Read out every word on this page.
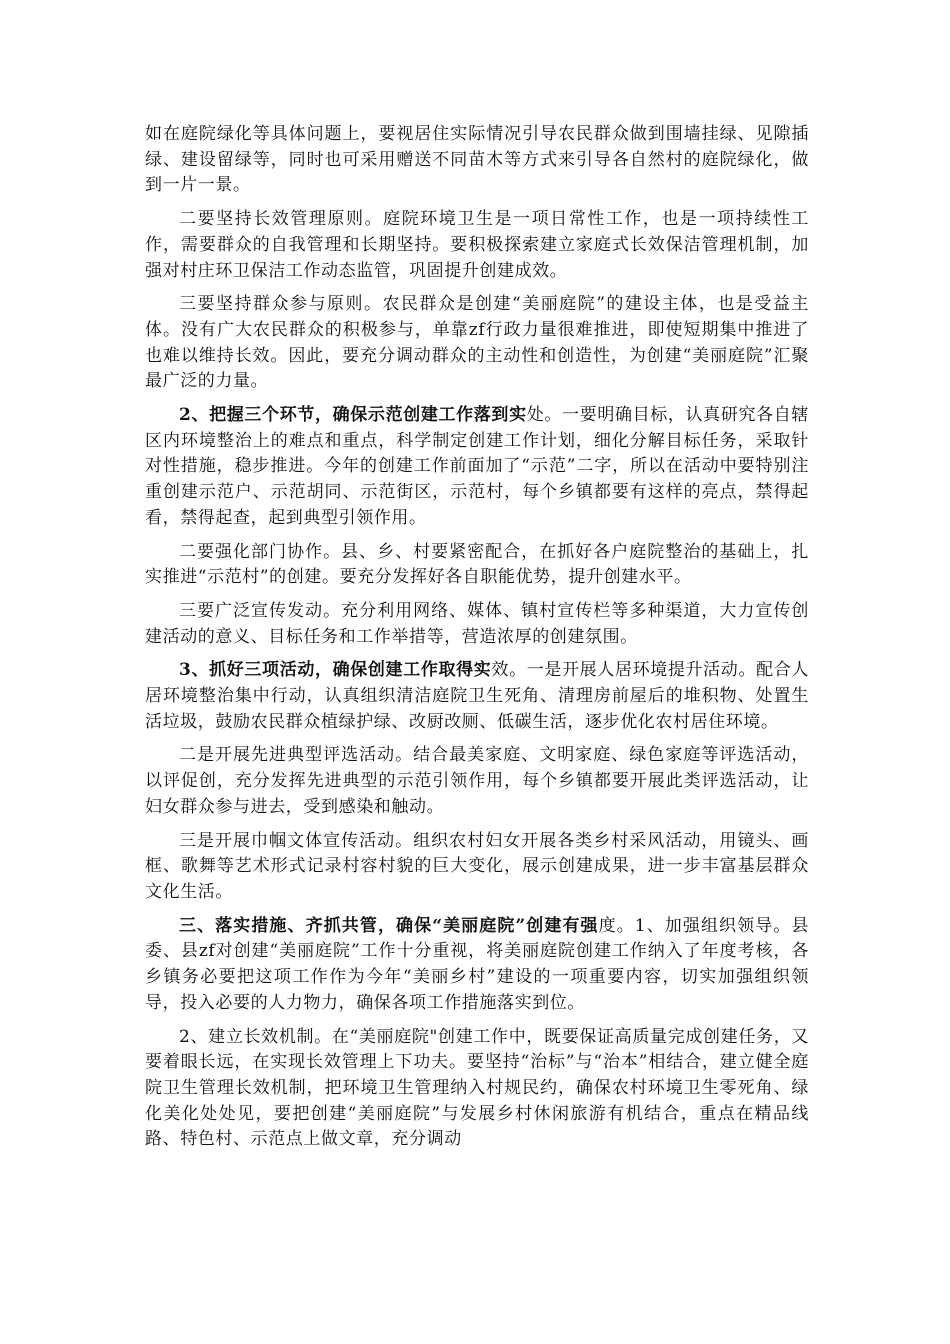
如在庭院绿化等具体问题上，要视居住实际情况引导农民群众做到围墙挂绿、见隙插绿、建设留绿等，同时也可采用赠送不同苗木等方式来引导各自然村的庭院绿化，做到一片一景。

二要坚持长效管理原则。庭院环境卫生是一项日常性工作，也是一项持续性工作，需要群众的自我管理和长期坚持。要积极探索建立家庭式长效保洁管理机制，加强对村庄环卫保洁工作动态监管，巩固提升创建成效。

三要坚持群众参与原则。农民群众是创建“美丽庭院”的建设主体，也是受益主体。没有广大农民群众的积极参与，单靠zf行政力量很难推进，即使短期集中推进了也难以维持长效。因此，要充分调动群众的主动性和创造性，为创建“美丽庭院”汇聚最广泛的力量。

2、把握三个环节，确保示范创建工作落到实处。一要明确目标，认真研究各自辖区内环境整治上的难点和重点，科学制定创建工作计划，细化分解目标任务，采取针对性措施，稳步推进。今年的创建工作前面加了“示范”二字，所以在活动中要特别注重创建示范户、示范胡同、示范街区，示范村，每个乡镇都要有这样的亮点，禁得起看，禁得起查，起到典型引领作用。

二要强化部门协作。县、乡、村要紧密配合，在抓好各户庭院整治的基础上，扎实推进“示范村”的创建。要充分发挥好各自职能优势，提升创建水平。

三要广泛宣传发动。充分利用网络、媒体、镇村宣传栏等多种渠道，大力宣传创建活动的意义、目标任务和工作举措等，营造浓厚的创建氛围。

3、抓好三项活动，确保创建工作取得实效。一是开展人居环境提升活动。配合人居环境整治集中行动，认真组织清洁庭院卫生死角、清理房前屋后的堆积物、处置生活垃圾，鼓励农民群众植绿护绿、改厨改厕、低碳生活，逐步优化农村居住环境。

二是开展先进典型评选活动。结合最美家庭、文明家庭、绿色家庭等评选活动，以评促创，充分发挥先进典型的示范引领作用，每个乡镇都要开展此类评选活动，让妇女群众参与进去，受到感染和触动。

三是开展巾帼文体宣传活动。组织农村妇女开展各类乡村采风活动，用镜头、画框、歌舞等艺术形式记录村容村貌的巨大变化，展示创建成果，进一步丰富基层群众文化生活。

三、落实措施、齐抓共管，确保“美丽庭院”创建有强度。1、加强组织领导。县委、县zf对创建“美丽庭院”工作十分重视，将美丽庭院创建工作纳入了年度考核，各乡镇务必要把这项工作作为今年“美丽乡村”建设的一项重要内容，切实加强组织领导，投入必要的人力物力，确保各项工作措施落实到位。

2、建立长效机制。在“美丽庭院"创建工作中，既要保证高质量完成创建任务，又要着眼长远，在实现长效管理上下功夫。要坚持“治标”与“治本”相结合，建立健全庭院卫生管理长效机制，把环境卫生管理纳入村规民约，确保农村环境卫生零死角、绿化美化处处见，要把创建“美丽庭院”与发展乡村休闲旅游有机结合，重点在精品线路、特色村、示范点上做文章，充分调动
